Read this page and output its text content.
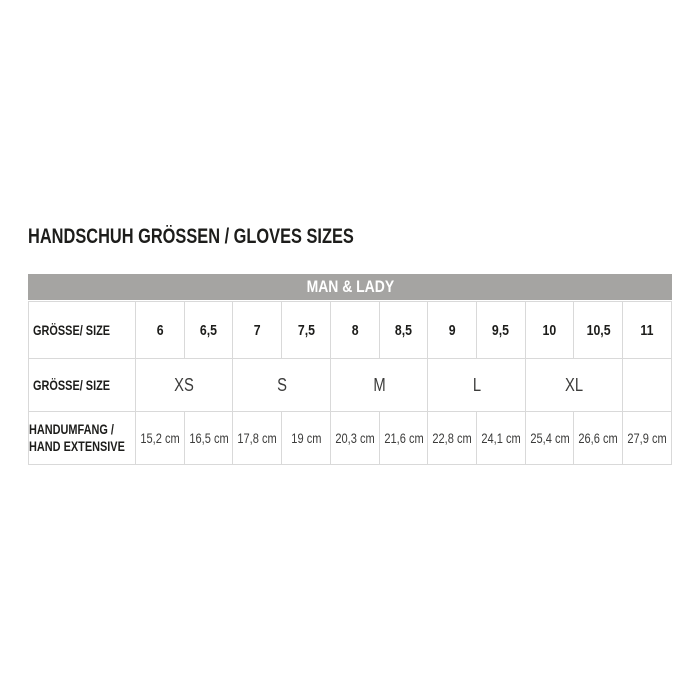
HANDSCHUH GRÖSSEN / GLOVES SIZES
MAN & LADY
GRÖSSE/ SIZE	6	6,5	7	7,5	8	8,5	9	9,5	10	10,5	11
GRÖSSE/ SIZE	XS		S		M		L		XL		

HANDUMFANG /
HAND EXTENSIVE	15,2 cm	16,5 cm	17,8 cm	19 cm	20,3 cm	21,6 cm	22,8 cm	24,1 cm	25,4 cm	26,6 cm	27,9 cm
